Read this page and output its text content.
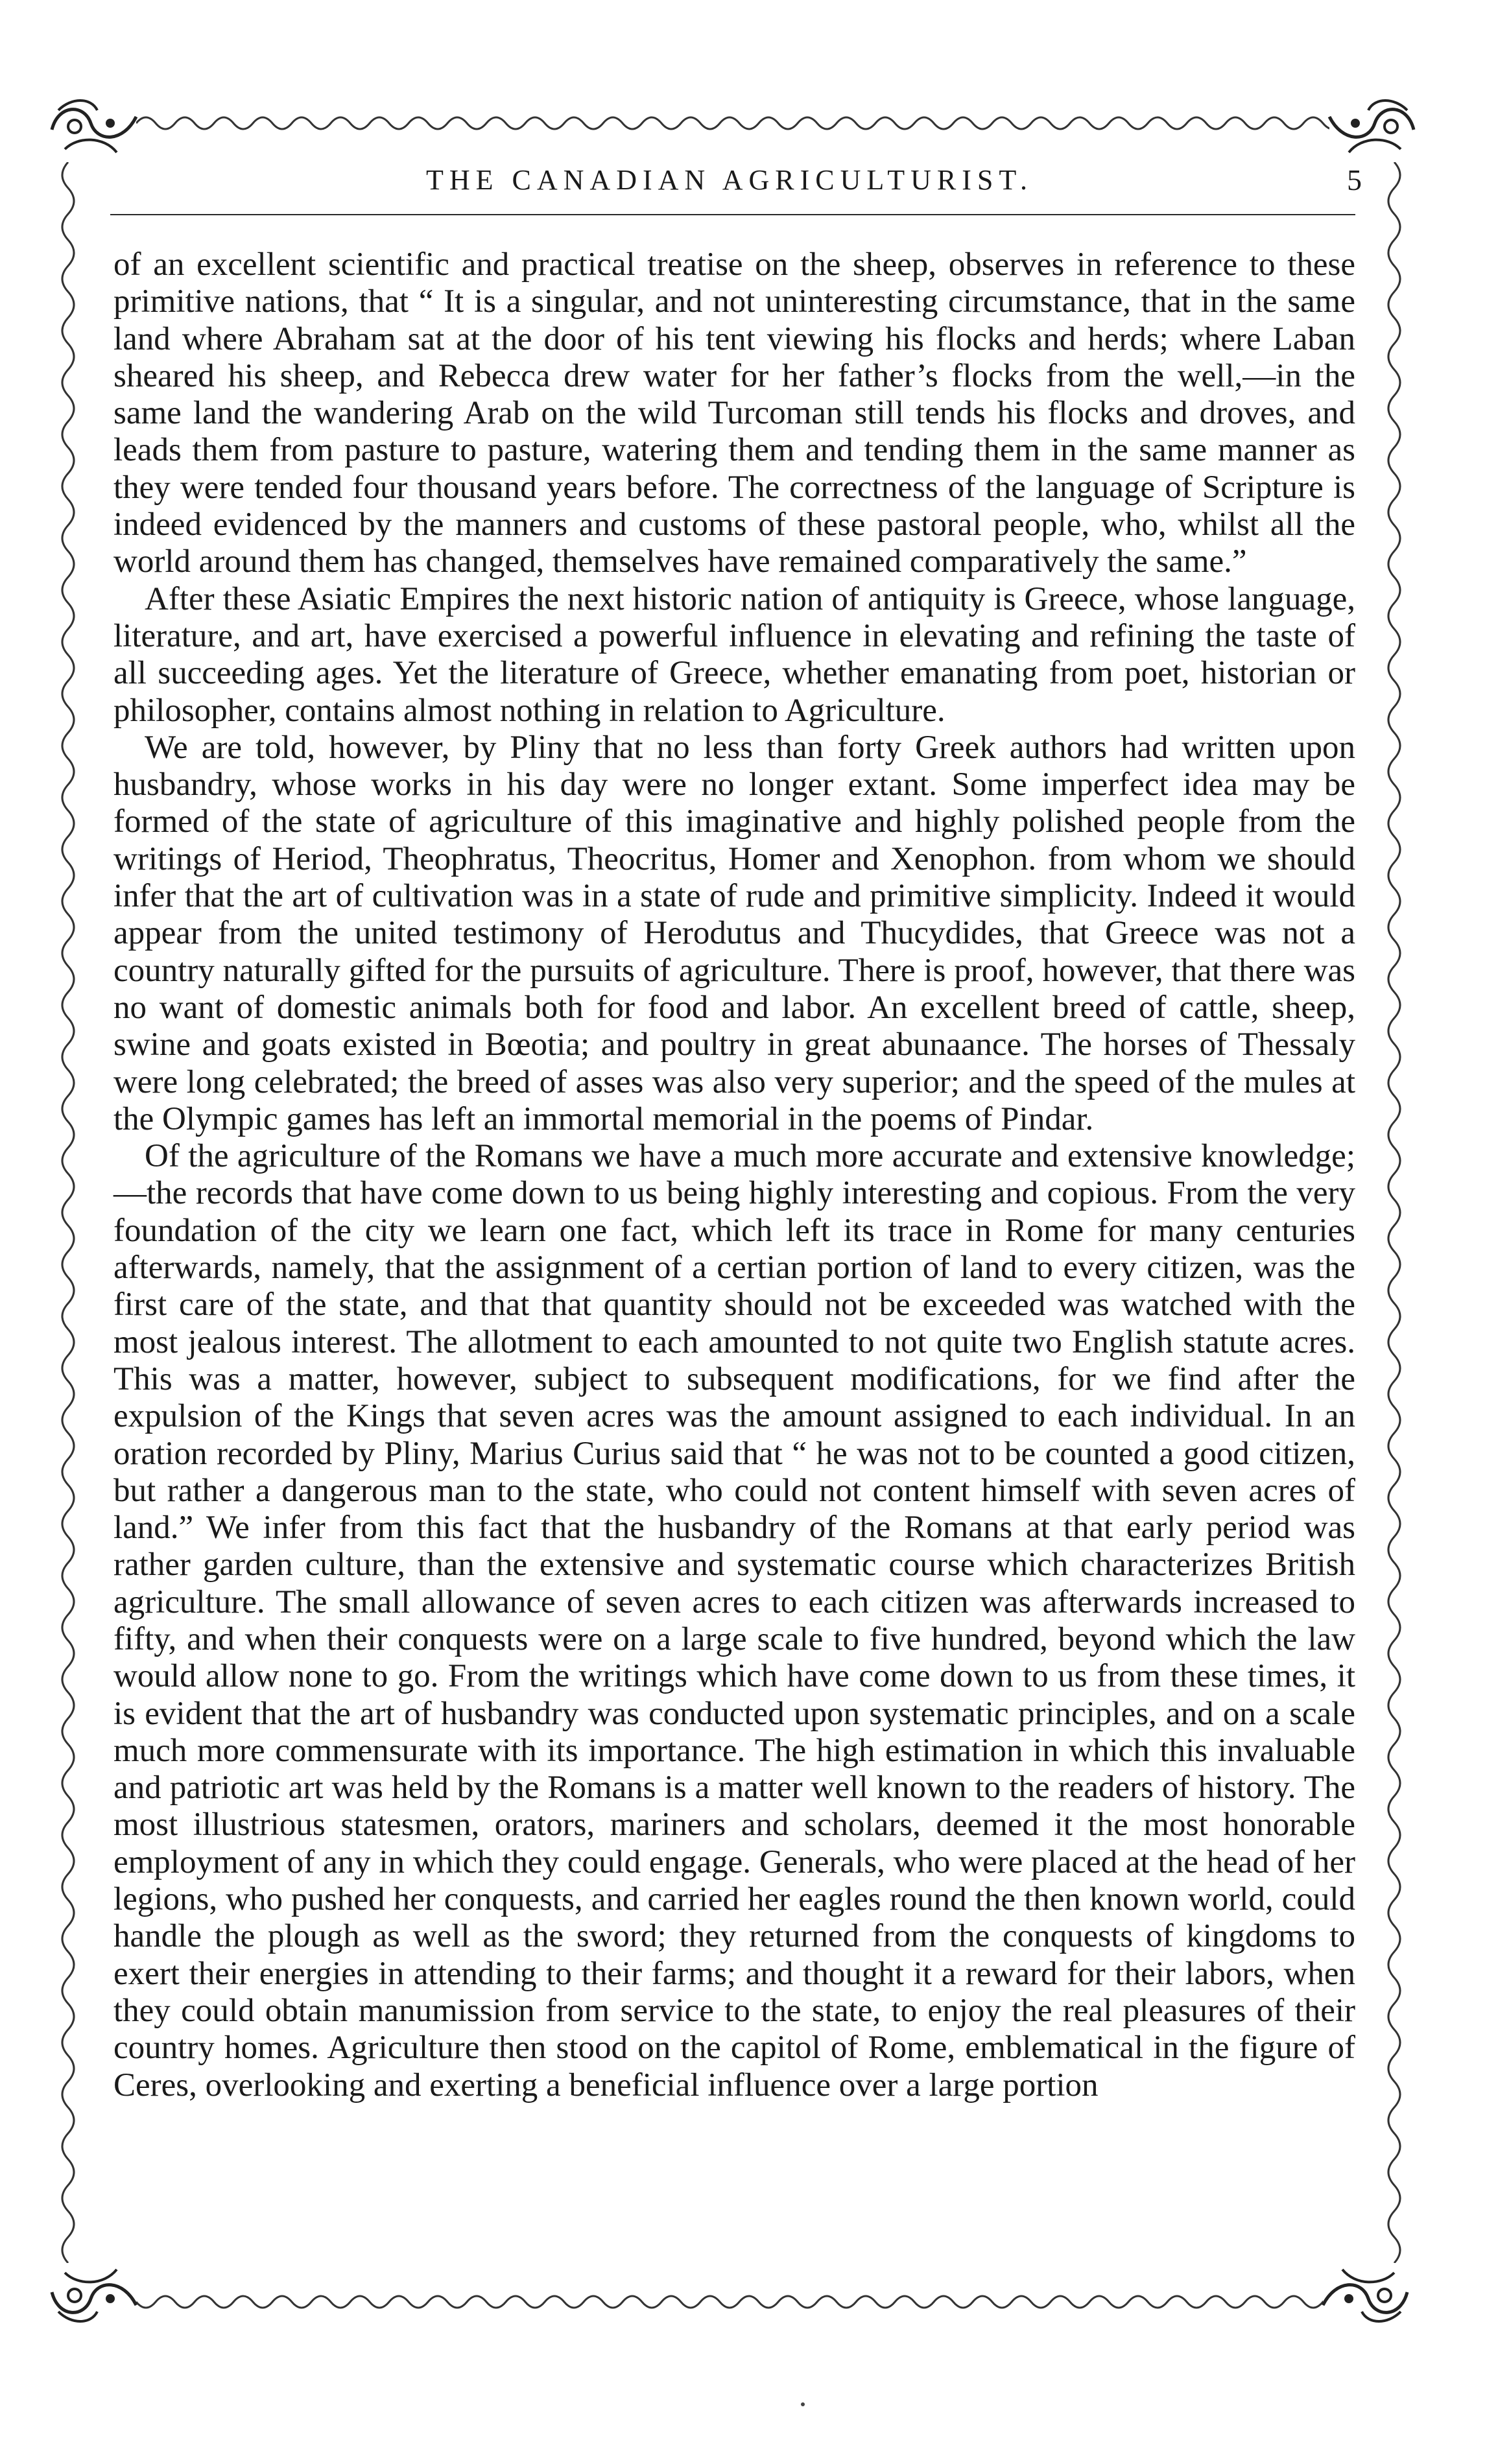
THE CANADIAN AGRICULTURIST.	5

of an excellent scientific and practical treatise on the sheep, observes in reference to these primitive nations, that “ It is a singular, and not uninteresting circumstance, that in the same land where Abraham sat at the door of his tent viewing his flocks and herds; where Laban sheared his sheep, and Rebecca drew water for her father’s flocks from the well,—in the same land the wandering Arab on the wild Turcoman still tends his flocks and droves, and leads them from pasture to pasture, watering them and tending them in the same manner as they were tended four thousand years before. The correctness of the language of Scripture is indeed evidenced by the manners and customs of these pastoral people, who, whilst all the world around them has changed, themselves have remained comparatively the same.”

After these Asiatic Empires the next historic nation of antiquity is Greece, whose language, literature, and art, have exercised a powerful influence in elevating and refining the taste of all succeeding ages. Yet the literature of Greece, whether emanating from poet, historian or philosopher, contains almost nothing in relation to Agriculture.

We are told, however, by Pliny that no less than forty Greek authors had written upon husbandry, whose works in his day were no longer extant. Some imperfect idea may be formed of the state of agriculture of this imaginative and highly polished people from the writings of Heriod, Theophratus, Theocritus, Homer and Xenophon. from whom we should infer that the art of cultivation was in a state of rude and primitive simplicity. Indeed it would appear from the united testimony of Herodutus and Thucydides, that Greece was not a country naturally gifted for the pursuits of agriculture. There is proof, however, that there was no want of domestic animals both for food and labor. An excellent breed of cattle, sheep, swine and goats existed in Bœotia; and poultry in great abunaance. The horses of Thessaly were long celebrated; the breed of asses was also very superior; and the speed of the mules at the Olympic games has left an immortal memorial in the poems of Pindar.

Of the agriculture of the Romans we have a much more accurate and extensive knowledge;—the records that have come down to us being highly interesting and copious. From the very foundation of the city we learn one fact, which left its trace in Rome for many centuries afterwards, namely, that the assignment of a certian portion of land to every citizen, was the first care of the state, and that that quantity should not be exceeded was watched with the most jealous interest. The allotment to each amounted to not quite two English statute acres. This was a matter, however, subject to subsequent modifications, for we find after the expulsion of the Kings that seven acres was the amount assigned to each individual. In an oration recorded by Pliny, Marius Curius said that “ he was not to be counted a good citizen, but rather a dangerous man to the state, who could not content himself with seven acres of land.” We infer from this fact that the husbandry of the Romans at that early period was rather garden culture, than the extensive and systematic course which characterizes British agriculture. The small allowance of seven acres to each citizen was afterwards increased to fifty, and when their conquests were on a large scale to five hundred, beyond which the law would allow none to go. From the writings which have come down to us from these times, it is evident that the art of husbandry was conducted upon systematic principles, and on a scale much more commensurate with its importance. The high estimation in which this invaluable and patriotic art was held by the Romans is a matter well known to the readers of history. The most illustrious statesmen, orators, mariners and scholars, deemed it the most honorable employment of any in which they could engage. Generals, who were placed at the head of her legions, who pushed her conquests, and carried her eagles round the then known world, could handle the plough as well as the sword; they returned from the conquests of kingdoms to exert their energies in attending to their farms; and thought it a reward for their labors, when they could obtain manumission from service to the state, to enjoy the real pleasures of their country homes. Agriculture then stood on the capitol of Rome, emblematical in the figure of Ceres, overlooking and exerting a beneficial influence over a large portion
